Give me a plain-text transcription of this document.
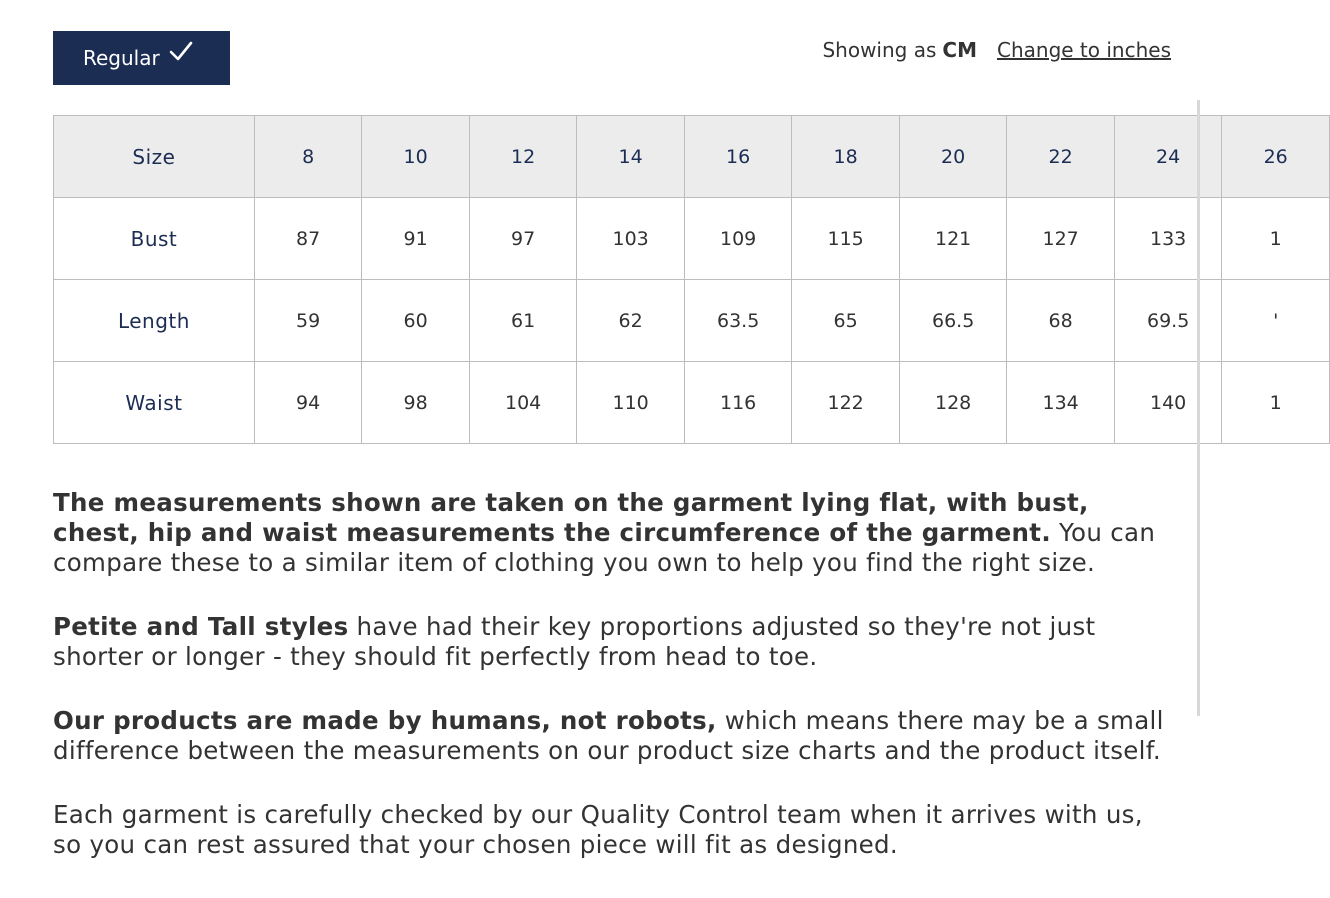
Regular	Showing as CM Change to inches
Size	8	10	12	14	16	18	20	22	24	26
Bust	87	91	97	103	109	115	121	127	133	1
Length	59	60	61	62	63.5	65	66.5	68	69.5	'
Waist	94	98	104	110	116	122	128	134	140	1

The measurements shown are taken on the garment lying flat, with bust, chest, hip and waist measurements the circumference of the garment. You can compare these to a similar item of clothing you own to help you find the right size.

Petite and Tall styles have had their key proportions adjusted so they're not just shorter or longer - they should fit perfectly from head to toe.

Our products are made by humans, not robots, which means there may be a small difference between the measurements on our product size charts and the product itself.

Each garment is carefully checked by our Quality Control team when it arrives with us, so you can rest assured that your chosen piece will fit as designed.
